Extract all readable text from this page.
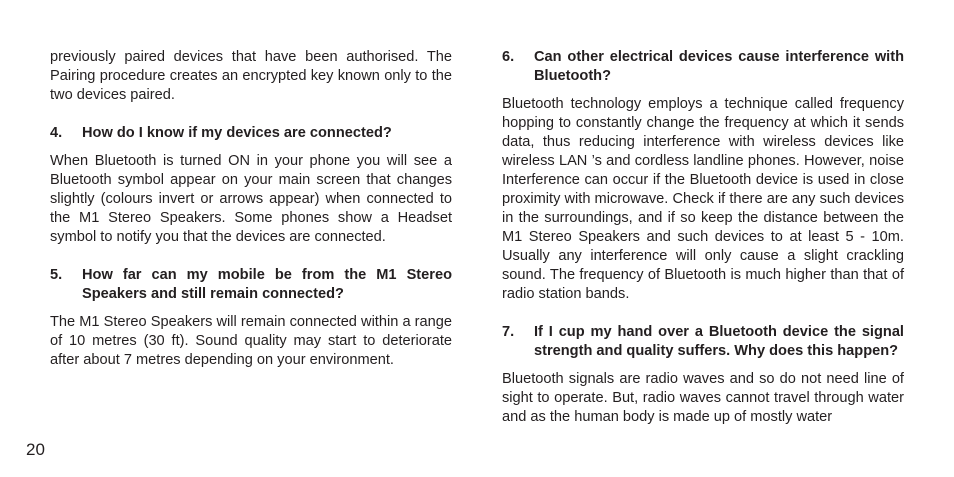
previously paired devices that have been authorised. The Pairing procedure creates an encrypted key known only to the two devices paired.

4.	How do I know if my devices are connected?

When Bluetooth is turned ON in your phone you will see a Bluetooth symbol appear on your main screen that changes slightly (colours invert or arrows appear) when connected to the M1 Stereo Speakers. Some phones show a Headset symbol to notify you that the devices are connected.

5.	How far can my mobile be from the M1 Stereo Speakers and still remain connected?

The M1 Stereo Speakers will remain connected within a range of 10 metres (30 ft). Sound quality may start to deteriorate after about 7 metres depending on your environment.

6.	Can other electrical devices cause interference with Bluetooth?

Bluetooth technology employs a technique called frequency hopping to constantly change the frequency at which it sends data, thus reducing interference with wireless devices like wireless LAN ’s and cordless landline phones. However, noise Interference can occur if the Bluetooth device is used in close proximity with microwave. Check if there are any such devices in the surroundings, and if so keep the distance between the M1 Stereo Speakers and such devices to at least 5 - 10m. Usually any interference will only cause a slight crackling sound. The frequency of Bluetooth is much higher than that of radio station bands.

7.	If I cup my hand over a Bluetooth device the signal strength and quality suffers. Why does this happen?

Bluetooth signals are radio waves and so do not need line of sight to operate. But, radio waves cannot travel through water and as the human body is made up of mostly water

20
